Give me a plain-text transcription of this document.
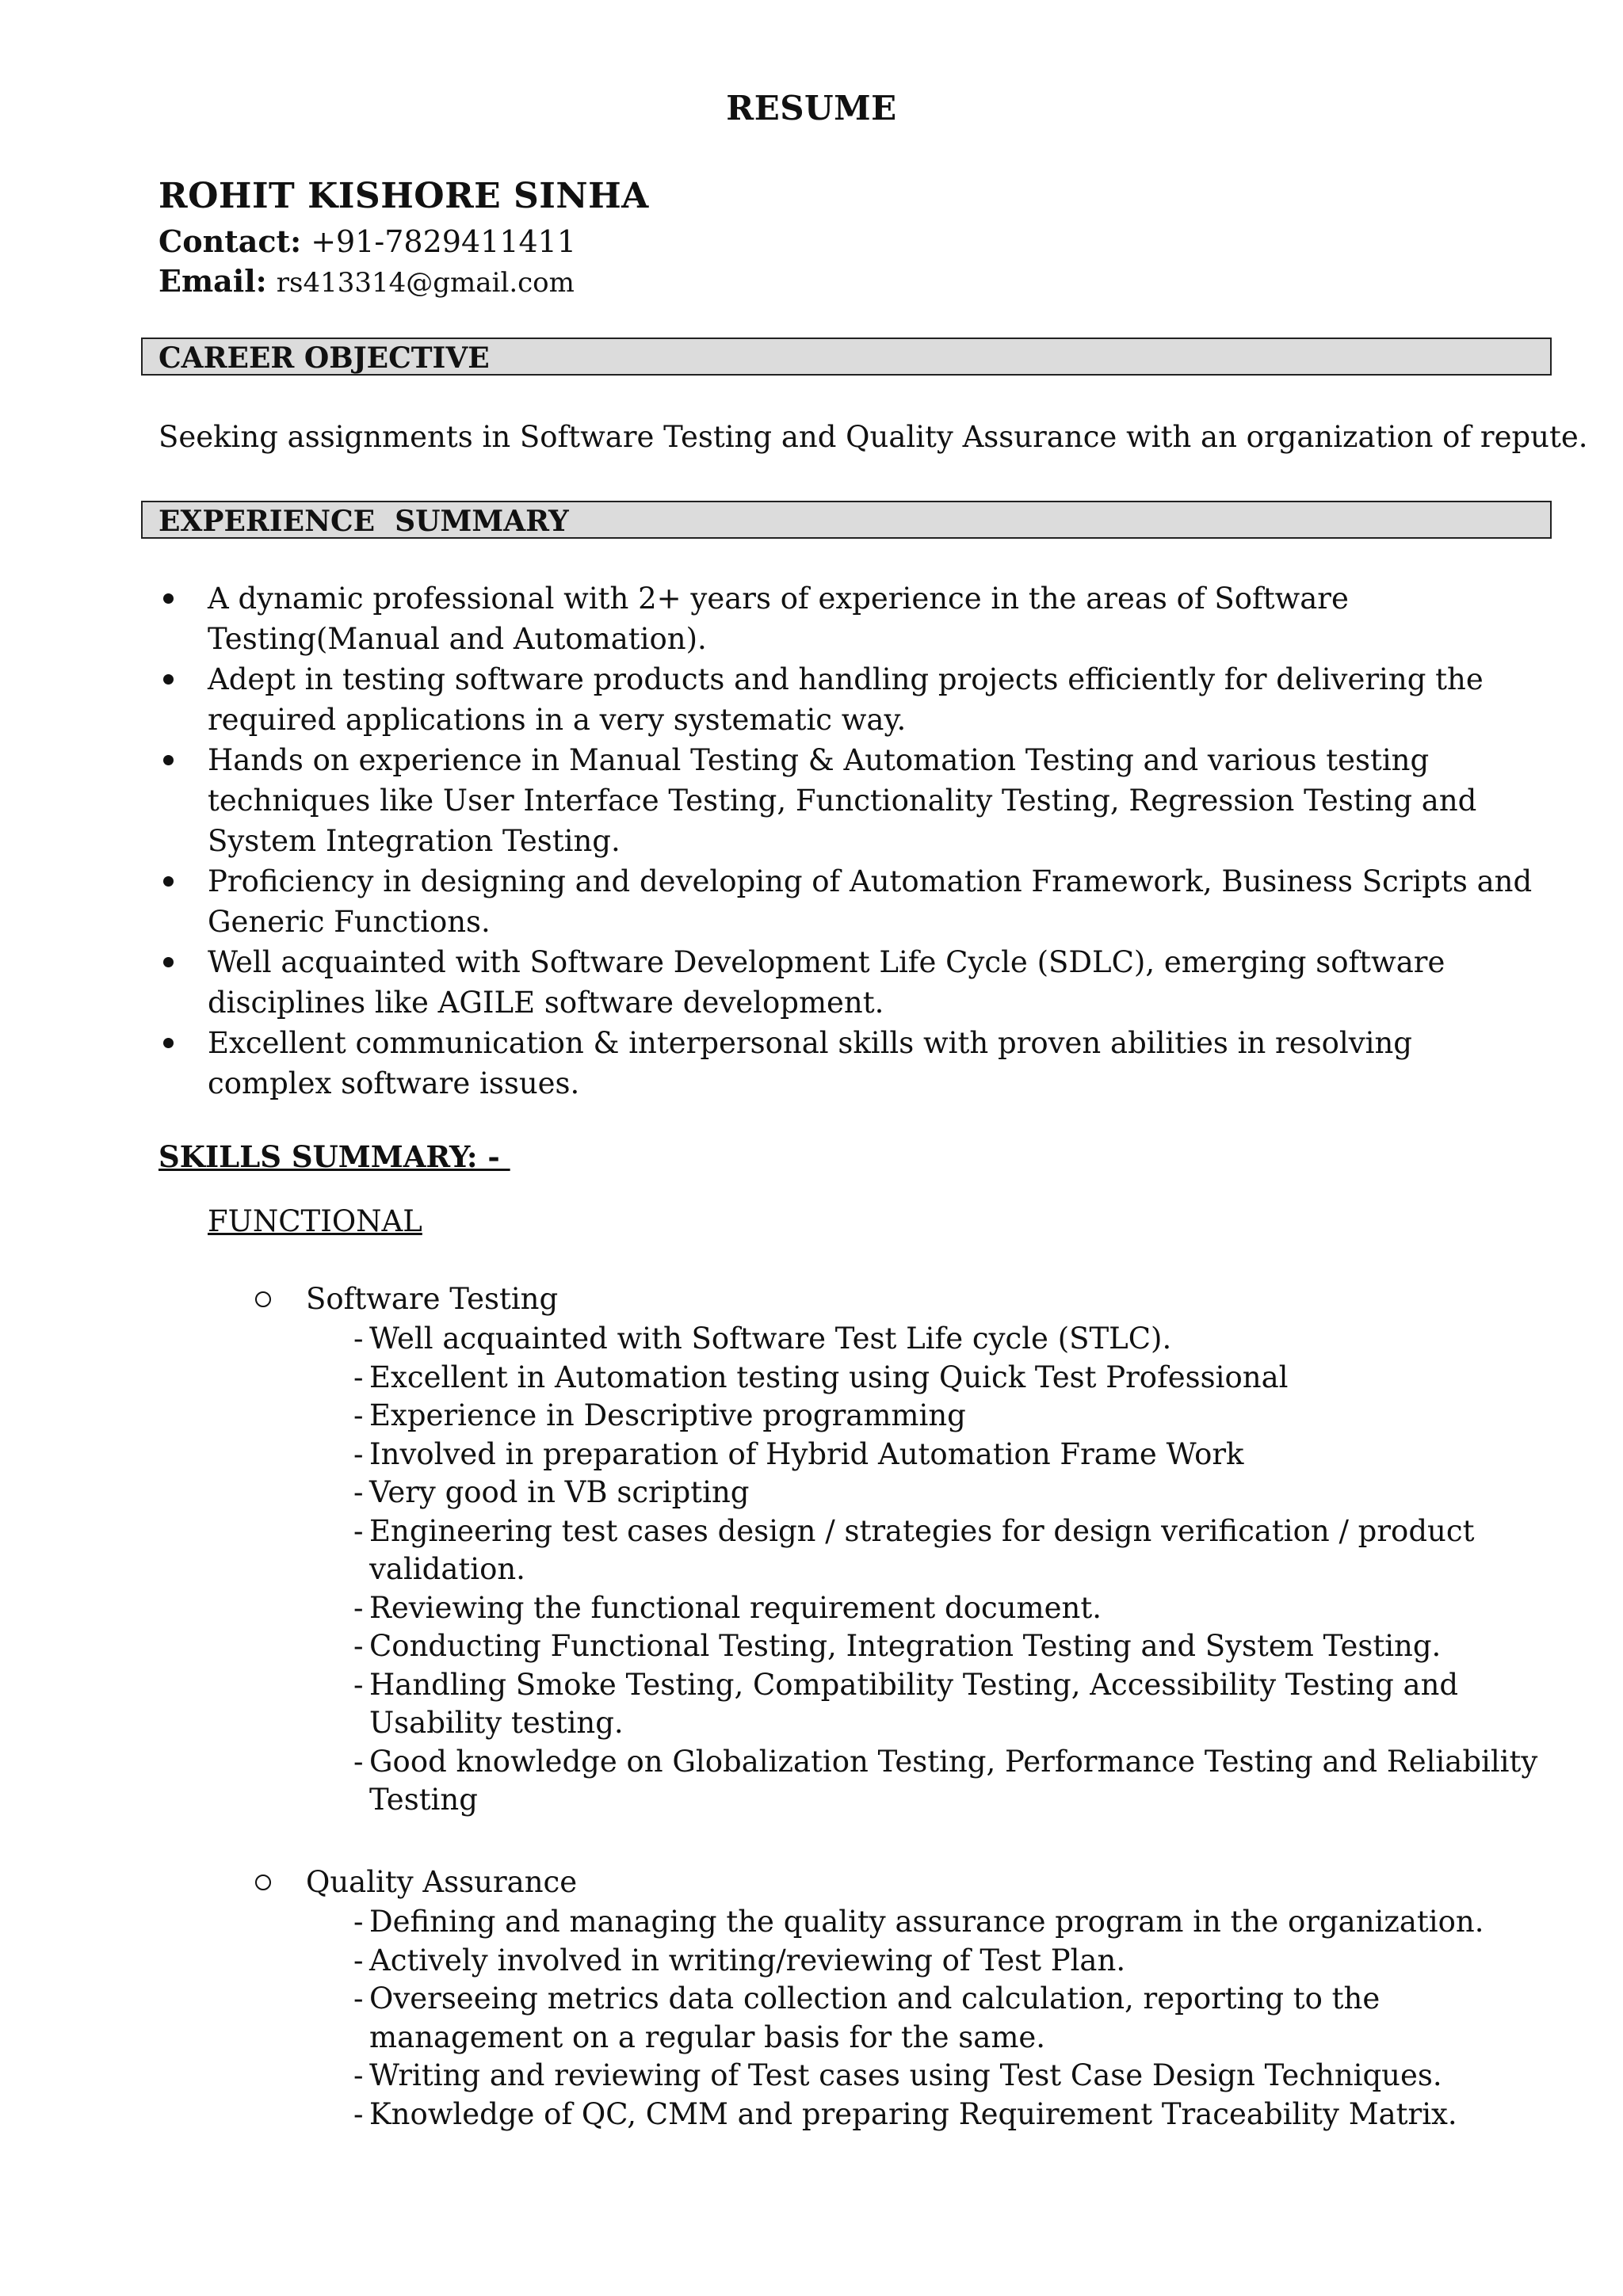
RESUME
ROHIT KISHORE SINHA
Contact: +91-7829411411
Email: rs413314@gmail.com
CAREER OBJECTIVE
Seeking assignments in Software Testing and Quality Assurance with an organization of repute.
EXPERIENCE  SUMMARY
A dynamic professional with 2+ years of experience in the areas of Software Testing(Manual and Automation).
Adept in testing software products and handling projects efficiently for delivering the required applications in a very systematic way.
Hands on experience in Manual Testing & Automation Testing and various testing techniques like User Interface Testing, Functionality Testing, Regression Testing and System Integration Testing.
Proficiency in designing and developing of Automation Framework, Business Scripts and Generic Functions.
Well acquainted with Software Development Life Cycle (SDLC), emerging software disciplines like AGILE software development.
Excellent communication & interpersonal skills with proven abilities in resolving complex software issues.
SKILLS SUMMARY: -
FUNCTIONAL
Software Testing
- Well acquainted with Software Test Life cycle (STLC).
- Excellent in Automation testing using Quick Test Professional
- Experience in Descriptive programming
- Involved in preparation of Hybrid Automation Frame Work
- Very good in VB scripting
- Engineering test cases design / strategies for design verification / product validation.
- Reviewing the functional requirement document.
- Conducting Functional Testing, Integration Testing and System Testing.
- Handling Smoke Testing, Compatibility Testing, Accessibility Testing and Usability testing.
- Good knowledge on Globalization Testing, Performance Testing and Reliability Testing
Quality Assurance
- Defining and managing the quality assurance program in the organization.
- Actively involved in writing/reviewing of Test Plan.
- Overseeing metrics data collection and calculation, reporting to the management on a regular basis for the same.
- Writing and reviewing of Test cases using Test Case Design Techniques.
- Knowledge of QC, CMM and preparing Requirement Traceability Matrix.
